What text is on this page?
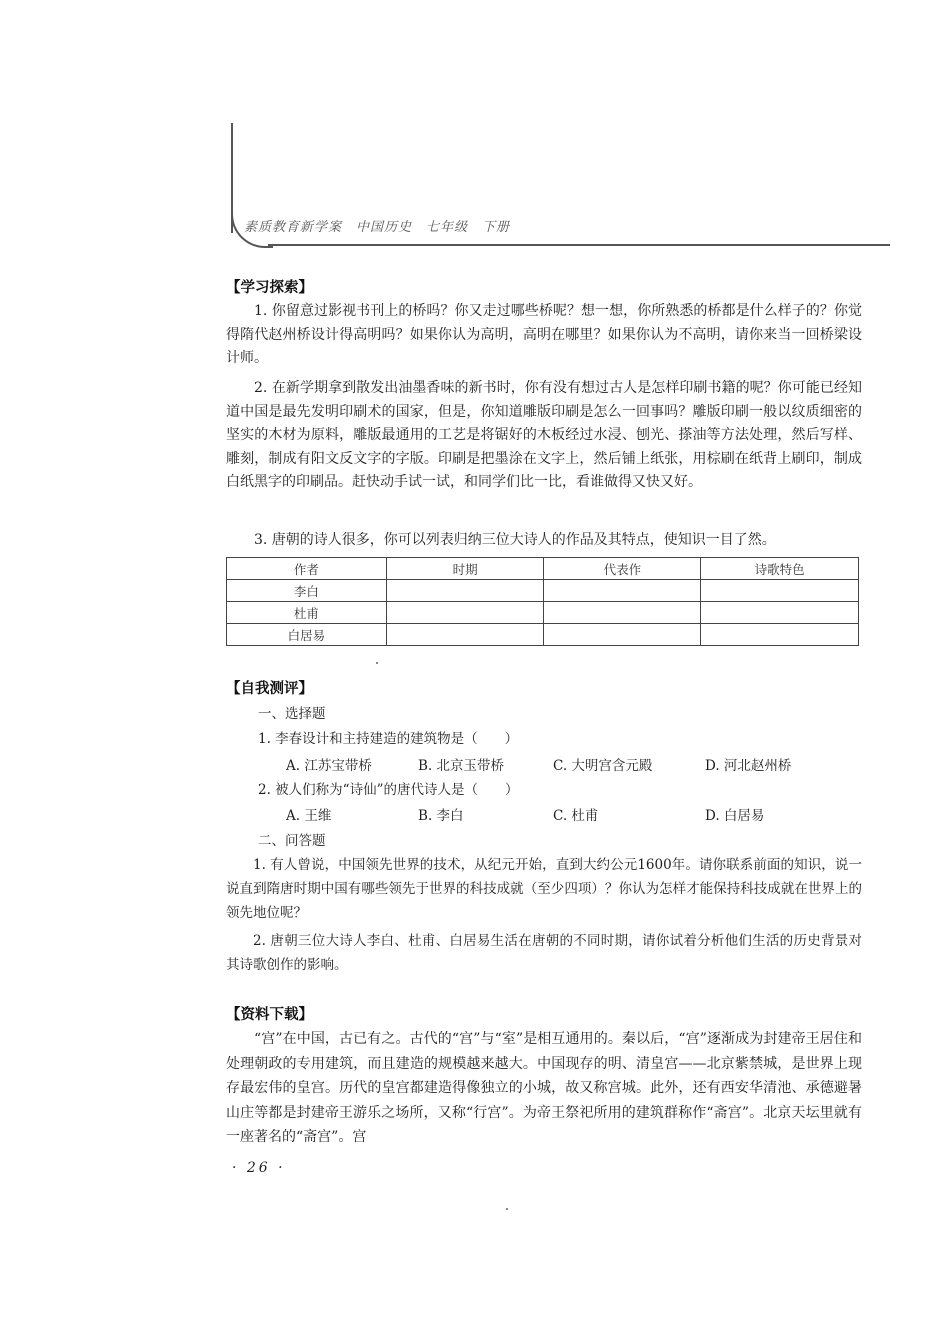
素质教育新学案　中国历史　七年级　下册
【学习探索】

1. 你留意过影视书刊上的桥吗？你又走过哪些桥呢？想一想，你所熟悉的桥都是什么样子的？你觉得隋代赵州桥设计得高明吗？如果你认为高明，高明在哪里？如果你认为不高明，请你来当一回桥梁设计师。

2. 在新学期拿到散发出油墨香味的新书时，你有没有想过古人是怎样印刷书籍的呢？你可能已经知道中国是最先发明印刷术的国家，但是，你知道雕版印刷是怎么一回事吗？雕版印刷一般以纹质细密的坚实的木材为原料，雕版最通用的工艺是将锯好的木板经过水浸、刨光、搽油等方法处理，然后写样、雕刻，制成有阳文反文字的字版。印刷是把墨涂在文字上，然后铺上纸张，用棕刷在纸背上刷印，制成白纸黑字的印刷品。赶快动手试一试，和同学们比一比，看谁做得又快又好。

3. 唐朝的诗人很多，你可以列表归纳三位大诗人的作品及其特点，使知识一目了然。

作者	时期	代表作	诗歌特色
李白			
杜甫			
白居易			
【自我测评】
一、选择题
1. 李春设计和主持建造的建筑物是（　　）
A. 江苏宝带桥	B. 北京玉带桥	C. 大明宫含元殿	D. 河北赵州桥
2. 被人们称为“诗仙”的唐代诗人是（　　）
A. 王维	B. 李白	C. 杜甫	D. 白居易
二、问答题

1. 有人曾说，中国领先世界的技术，从纪元开始，直到大约公元1600年。请你联系前面的知识，说一说直到隋唐时期中国有哪些领先于世界的科技成就（至少四项）？你认为怎样才能保持科技成就在世界上的领先地位呢？

2. 唐朝三位大诗人李白、杜甫、白居易生活在唐朝的不同时期，请你试着分析他们生活的历史背景对其诗歌创作的影响。

【资料下载】

“宫”在中国，古已有之。古代的“宫”与“室”是相互通用的。秦以后，“宫”逐渐成为封建帝王居住和处理朝政的专用建筑，而且建造的规模越来越大。中国现存的明、清皇宫——北京紫禁城，是世界上现存最宏伟的皇宫。历代的皇宫都建造得像独立的小城，故又称宫城。此外，还有西安华清池、承德避暑山庄等都是封建帝王游乐之场所，又称“行宫”。为帝王祭祀所用的建筑群称作“斋宫”。北京天坛里就有一座著名的“斋宫”。宫

· 26 ·
